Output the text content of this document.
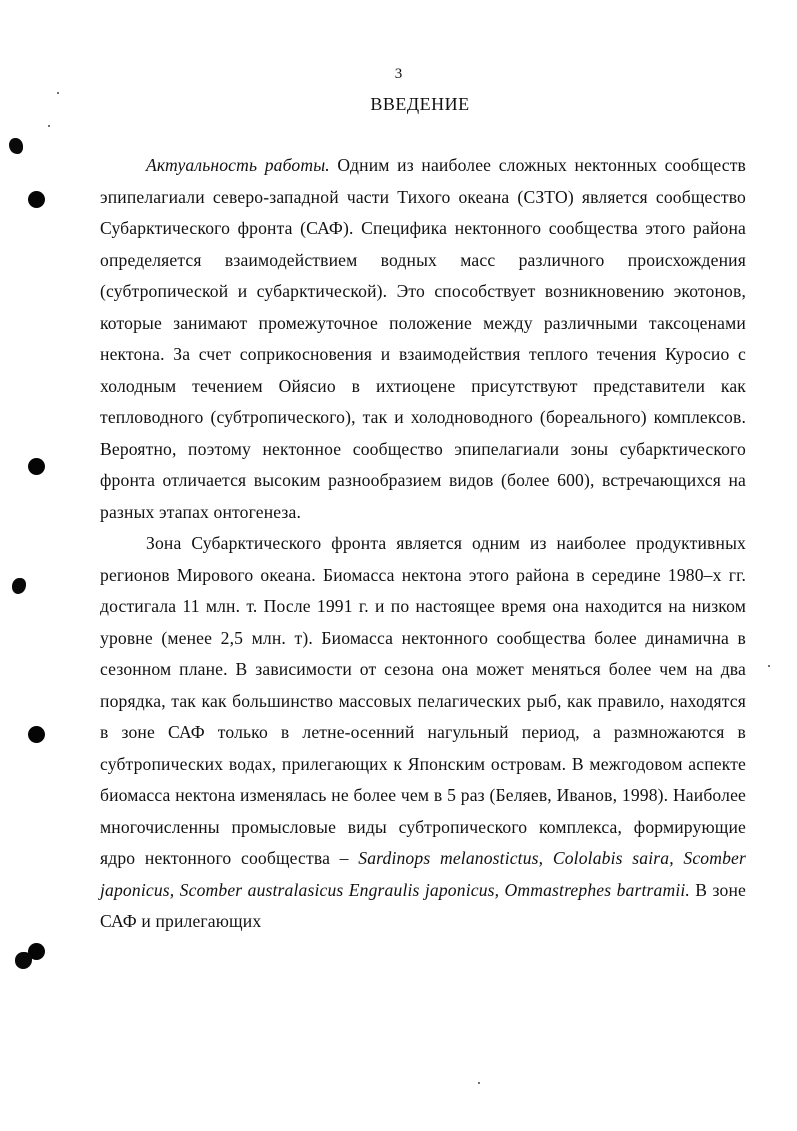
3
ВВЕДЕНИЕ

Актуальность работы. Одним из наиболее сложных нектонных сообществ эпипелагиали северо-западной части Тихого океана (СЗТО) является сообщество Субарктического фронта (САФ). Специфика нектонного сообщества этого района определяется взаимодействием водных масс различного происхождения (субтропической и субарктической). Это способствует возникновению экотонов, которые занимают промежуточное положение между различными таксоценами нектона. За счет соприкосновения и взаимодействия теплого течения Куросио с холодным течением Ойясио в ихтиоцене присутствуют представители как тепловодного (субтропического), так и холодноводного (бореального) комплексов. Вероятно, поэтому нектонное сообщество эпипелагиали зоны субарктического фронта отличается высоким разнообразием видов (более 600), встречающихся на разных этапах онтогенеза.

Зона Субарктического фронта является одним из наиболее продуктивных регионов Мирового океана. Биомасса нектона этого района в середине 1980–х гг. достигала 11 млн. т. После 1991 г. и по настоящее время она находится на низком уровне (менее 2,5 млн. т). Биомасса нектонного сообщества более динамична в сезонном плане. В зависимости от сезона она может меняться более чем на два порядка, так как большинство массовых пелагических рыб, как правило, находятся в зоне САФ только в летне-осенний нагульный период, а размножаются в субтропических водах, прилегающих к Японским островам. В межгодовом аспекте биомасса нектона изменялась не более чем в 5 раз (Беляев, Иванов, 1998). Наиболее многочисленны промысловые виды субтропического комплекса, формирующие ядро нектонного сообщества – Sardinops melanostictus, Cololabis saira, Scomber japonicus, Scomber australasicus Engraulis japonicus, Ommastrephes bartramii. В зоне САФ и прилегающих
